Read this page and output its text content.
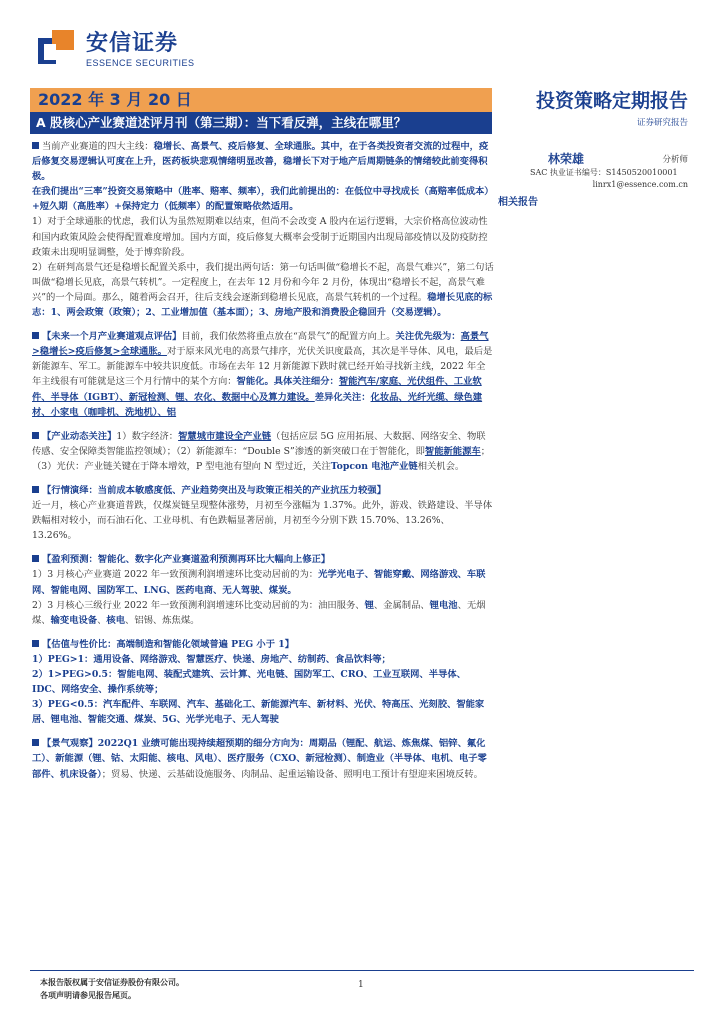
安信证券
ESSENCE SECURITIES
2022 年 3 月 20 日	投资策略定期报告
A 股核心产业赛道述评月刊（第三期）：当下看反弹，主线在哪里？	证券研究报告
林荣雄	分析师
SAC 执业证书编号：S1450520010001
linrx1@essence.com.cn
相关报告

当前产业赛道的四大主线：稳增长、高景气、疫后修复、全球通胀。其中，在于各类投资者交流的过程中，疫后修复交易逻辑认可度在上升，医药板块悲观情绪明显改善，稳增长下对于地产后周期链条的情绪较此前变得积极。

在我们提出“三率”投资交易策略中（胜率、赔率、频率），我们此前提出的：在低位中寻找成长（高赔率低成本）+短久期（高胜率）+保持定力（低频率）的配置策略依然适用。

1）对于全球通胀的忧虑，我们认为虽然短期难以结束，但尚不会改变 A 股内在运行逻辑，大宗价格高位波动性和国内政策风险会使得配置难度增加。国内方面，疫后修复大概率会受制于近期国内出现局部疫情以及防疫防控政策未出现明显调整，处于博弈阶段。

2）在研判高景气还是稳增长配置关系中，我们提出两句话：第一句话叫做“稳增长不起，高景气难兴”，第二句话叫做“稳增长见底，高景气转机”。一定程度上，在去年 12 月份和今年 2 月份，体现出“稳增长不起，高景气难兴”的一个局面。那么，随着两会召开，往后支线会逐渐到稳增长见底，高景气转机的一个过程。稳增长见底的标志：1、两会政策（政策）；2、工业增加值（基本面）；3、房地产股和消费股企稳回升（交易逻辑）。

【未来一个月产业赛道观点评估】目前，我们依然将重点放在“高景气”的配置方向上。关注优先级为：高景气>稳增长>疫后修复>全球通胀。对于原来风光电的高景气排序，光伏关识度最高，其次是半导体、风电，最后是新能源车、军工。新能源车中较共识度低。市场在去年 12 月新能源下跌时就已经开始寻找新主线，2022 年全年主线很有可能就是这三个月行情中的某个方向：智能化。具体关注细分：智能汽车/家庭、光伏组件、工业软件、半导体（IGBT）、新冠检测、锂、农化、数据中心及算力建设。差异化关注：化妆品、光纤光缆、绿色建材、小家电（咖啡机、洗地机）、铝

【产业动态关注】1）数字经济：智慧城市建设全产业链（包括应层 5G 应用拓展、大数据、网络安全、物联传感、安全保障类智能监控领域）；（2）新能源车：“Double S”渗透的新突破口在于智能化，即智能新能源车；（3）光伏：产业链关键在于降本增效，P 型电池有望向 N 型过近，关注Topcon 电池产业链相关机会。

【行情演绎：当前成本敏感度低、产业趋势突出及与政策正相关的产业抗压力较强】

近一月，核心产业赛道普跌，仅煤炭链呈现整体涨势，月初至今涨幅为 1.37%。此外，游戏、铁路建设、半导体跌幅相对较小，而石油石化、工业母机、有色跌幅显著居前，月初至今分别下跌 15.70%、13.26%、13.26%。

【盈利预测：智能化、数字化产业赛道盈利预测再环比大幅向上修正】

1）3 月核心产业赛道 2022 年一致预测利润增速环比变动居前的为：光学光电子、智能穿戴、网络游戏、车联网、智能电网、国防军工、LNG、医药电商、无人驾驶、煤炭。

2）3 月核心三级行业 2022 年一致预测利润增速环比变动居前的为：油田服务、锂、金属制品、锂电池、无烟煤、输变电设备、核电、铝锡、炼焦煤。

【估值与性价比：高端制造和智能化领域普遍 PEG 小于 1】

1）PEG>1：通用设备、网络游戏、智慧医疗、快递、房地产、纺制药、食品饮料等；

2）1>PEG>0.5：智能电网、装配式建筑、云计算、光电链、国防军工、CRO、工业互联网、半导体、IDC、网络安全、操作系统等；

3）PEG<0.5：汽车配件、车联网、汽车、基础化工、新能源汽车、新材料、光伏、特高压、光刻胶、智能家居、锂电池、智能交通、煤炭、5G、光学光电子、无人驾驶

【景气观察】2022Q1 业绩可能出现持续超预期的细分方向为：周期品（锂配、航运、炼焦煤、铝锌、氟化工）、新能源（锂、钴、太阳能、核电、风电）、医疗服务（CXO、新冠检测）、制造业（半导体、电机、电子零部件、机床设备）；贸易、快递、云基础设施服务、肉制品、起重运输设备、照明电工预计有望迎来困境反转。

本报告版权属于安信证券股份有限公司。
各项声明请参见报告尾页。
1
